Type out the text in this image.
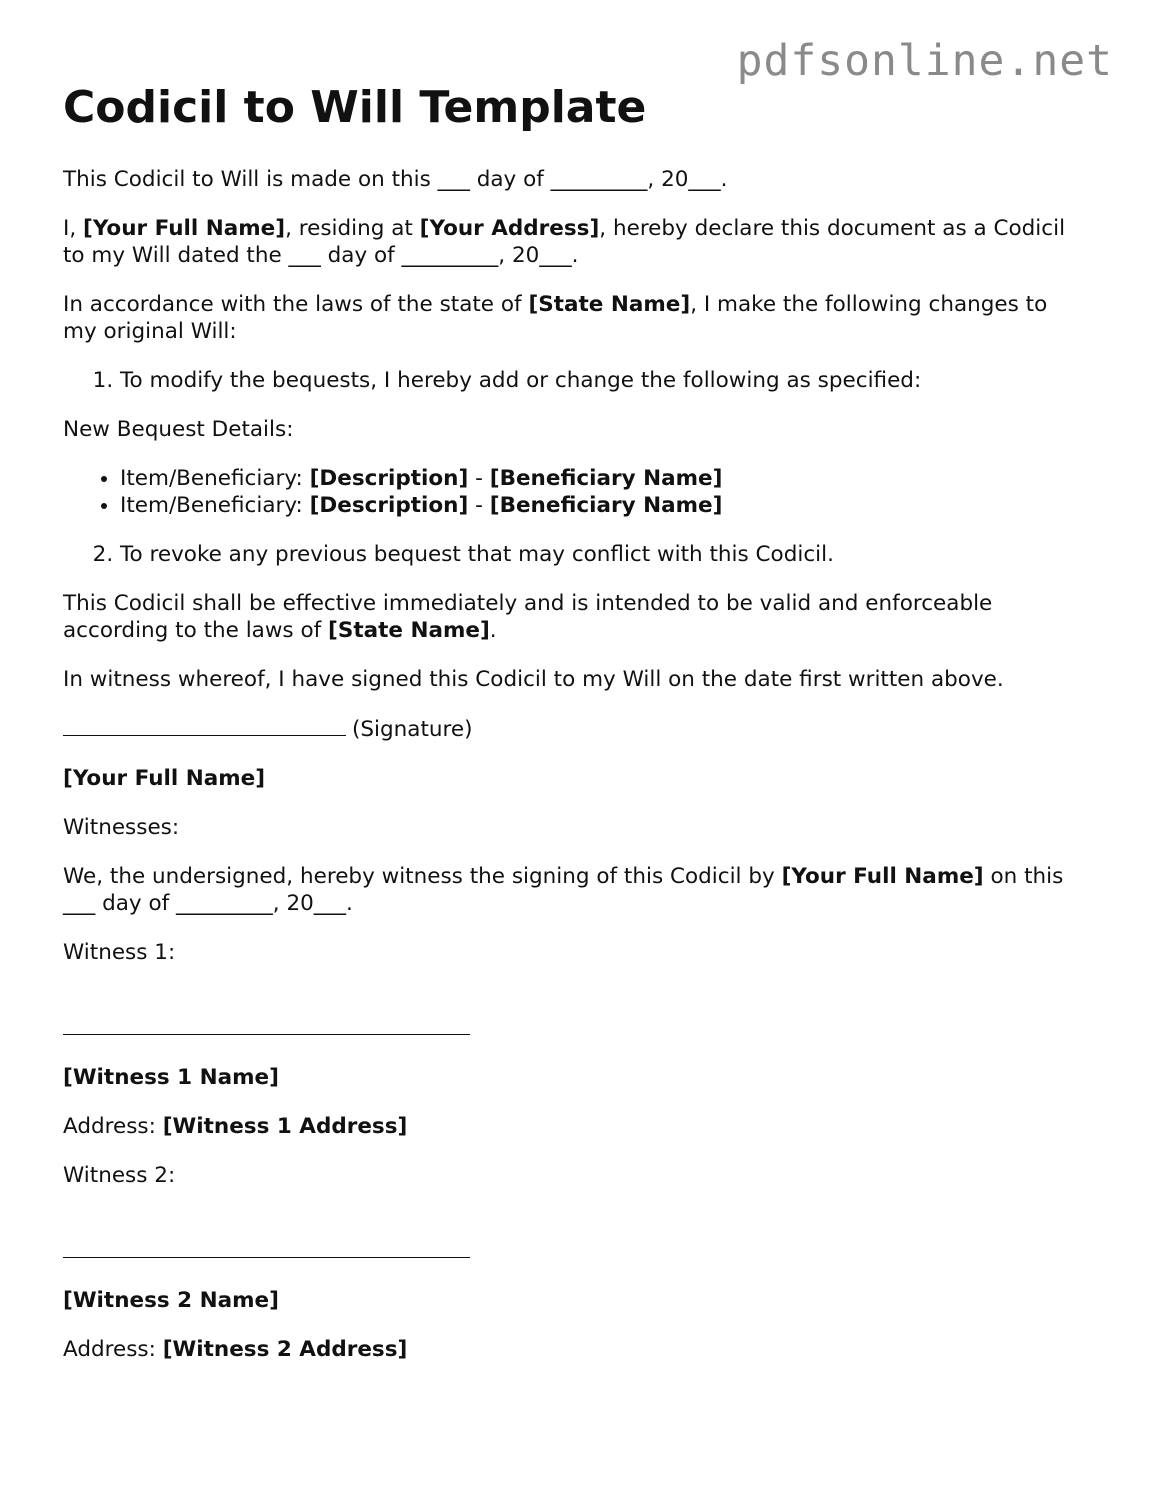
pdfsonline.net
Codicil to Will Template

This Codicil to Will is made on this ___ day of _________, 20___.

I, [Your Full Name], residing at [Your Address], hereby declare this document as a Codicil to my Will dated the ___ day of _________, 20___.

In accordance with the laws of the state of [State Name], I make the following changes to my original Will:

1. To modify the bequests, I hereby add or change the following as specified:

New Bequest Details:

• Item/Beneficiary: [Description] - [Beneficiary Name]
• Item/Beneficiary: [Description] - [Beneficiary Name]
2. To revoke any previous bequest that may conflict with this Codicil.

This Codicil shall be effective immediately and is intended to be valid and enforceable according to the laws of [State Name].

In witness whereof, I have signed this Codicil to my Will on the date first written above.

(Signature)

[Your Full Name]

Witnesses:

We, the undersigned, hereby witness the signing of this Codicil by [Your Full Name] on this ___ day of _________, 20___.

Witness 1:

[Witness 1 Name]

Address: [Witness 1 Address]

Witness 2:

[Witness 2 Name]

Address: [Witness 2 Address]
